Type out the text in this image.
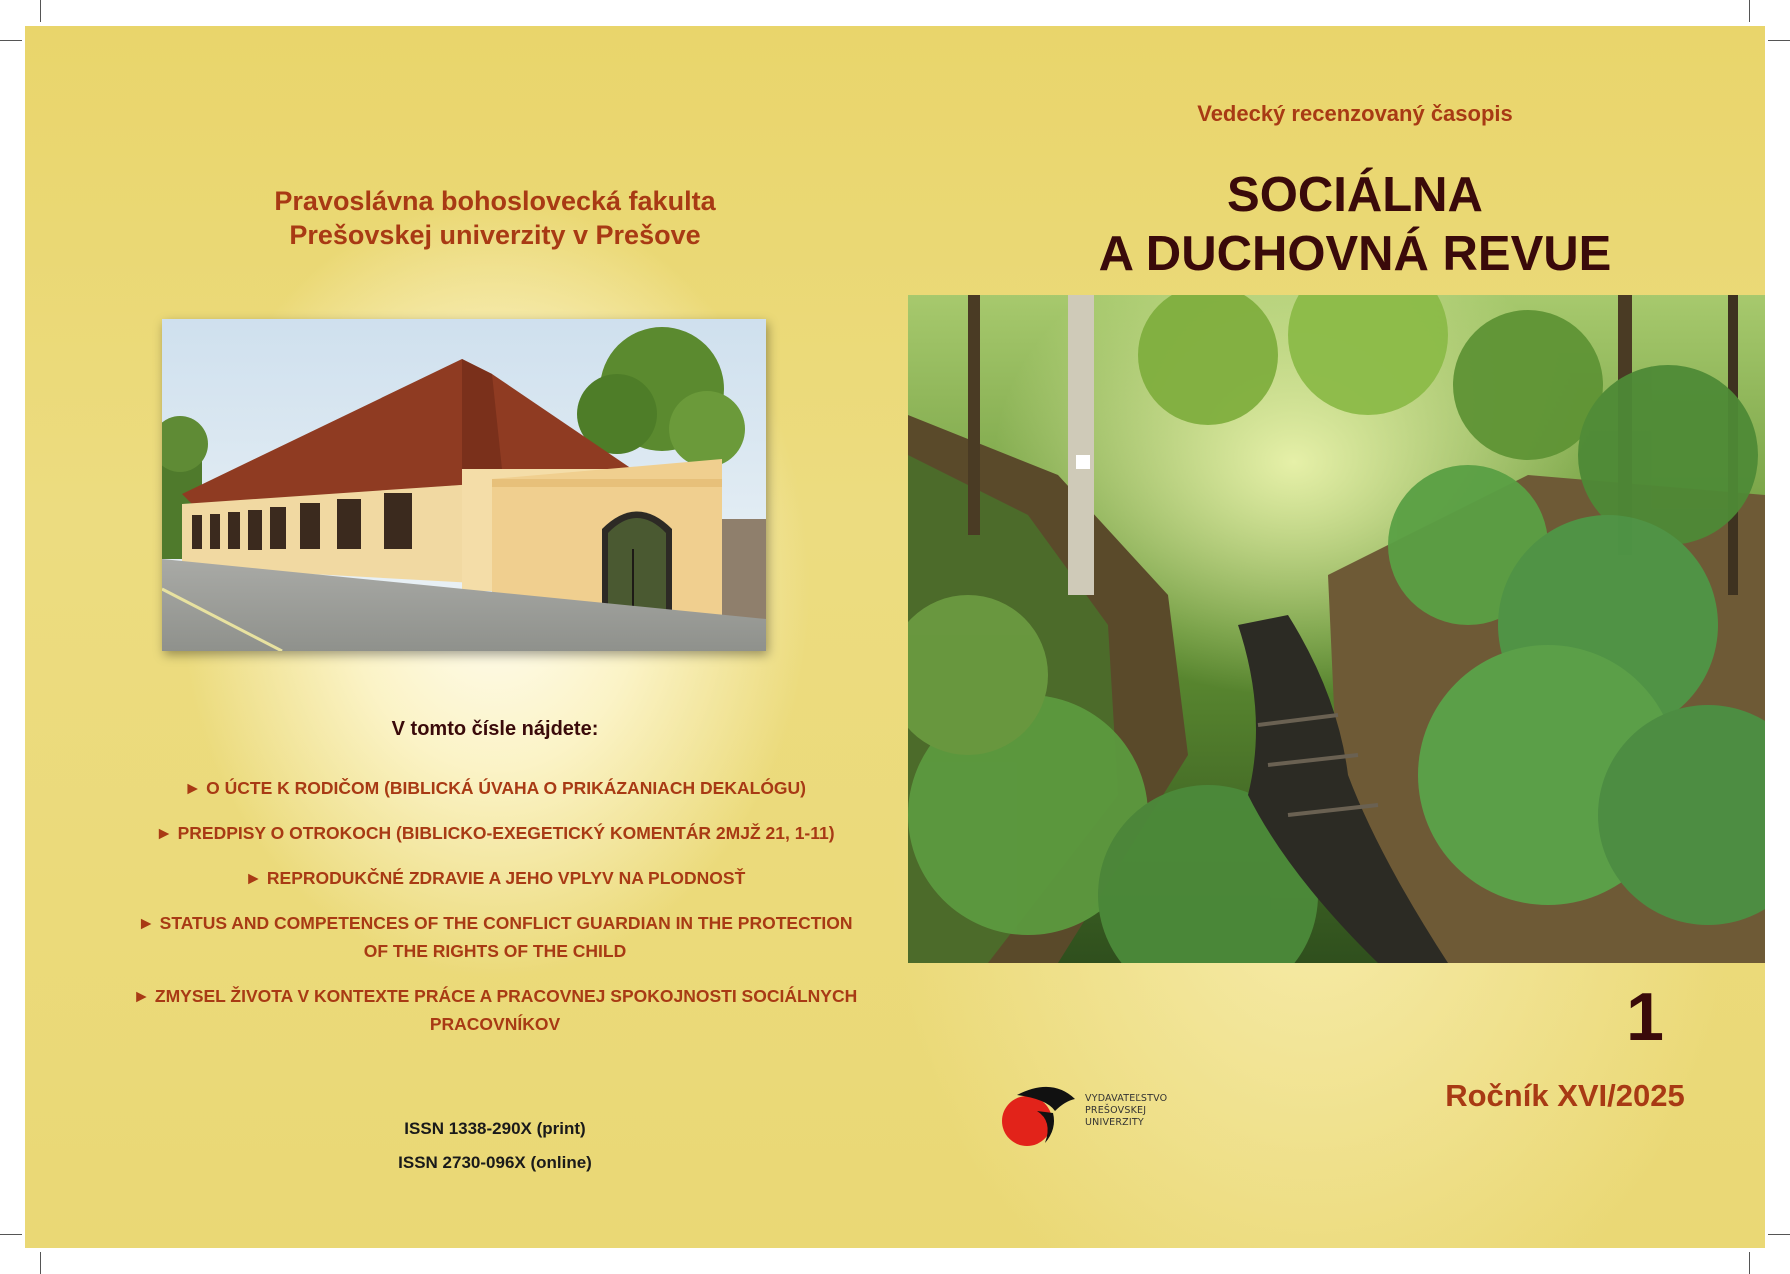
Pravoslávna bohoslovecká fakulta
Prešovskej univerzity v Prešove
V tomto čísle nájdete:
► O ÚCTE K RODIČOM (BIBLICKÁ ÚVAHA O PRIKÁZANIACH DEKALÓGU)
► PREDPISY O OTROKOCH (BIBLICKO-EXEGETICKÝ KOMENTÁR 2MJŽ 21, 1-11)
► REPRODUKČNÉ ZDRAVIE A JEHO VPLYV NA PLODNOSŤ
► STATUS AND COMPETENCES OF THE CONFLICT GUARDIAN IN THE PROTECTION
OF THE RIGHTS OF THE CHILD
► ZMYSEL ŽIVOTA V KONTEXTE PRÁCE A PRACOVNEJ SPOKOJNOSTI SOCIÁLNYCH
PRACOVNÍKOV
ISSN 1338-290X (print)
ISSN 2730-096X (online)
Vedecký recenzovaný časopis
SOCIÁLNA
A DUCHOVNÁ REVUE
1
Ročník XVI/2025
VYDAVATEĽSTVO
PREŠOVSKEJ
UNIVERZITY
